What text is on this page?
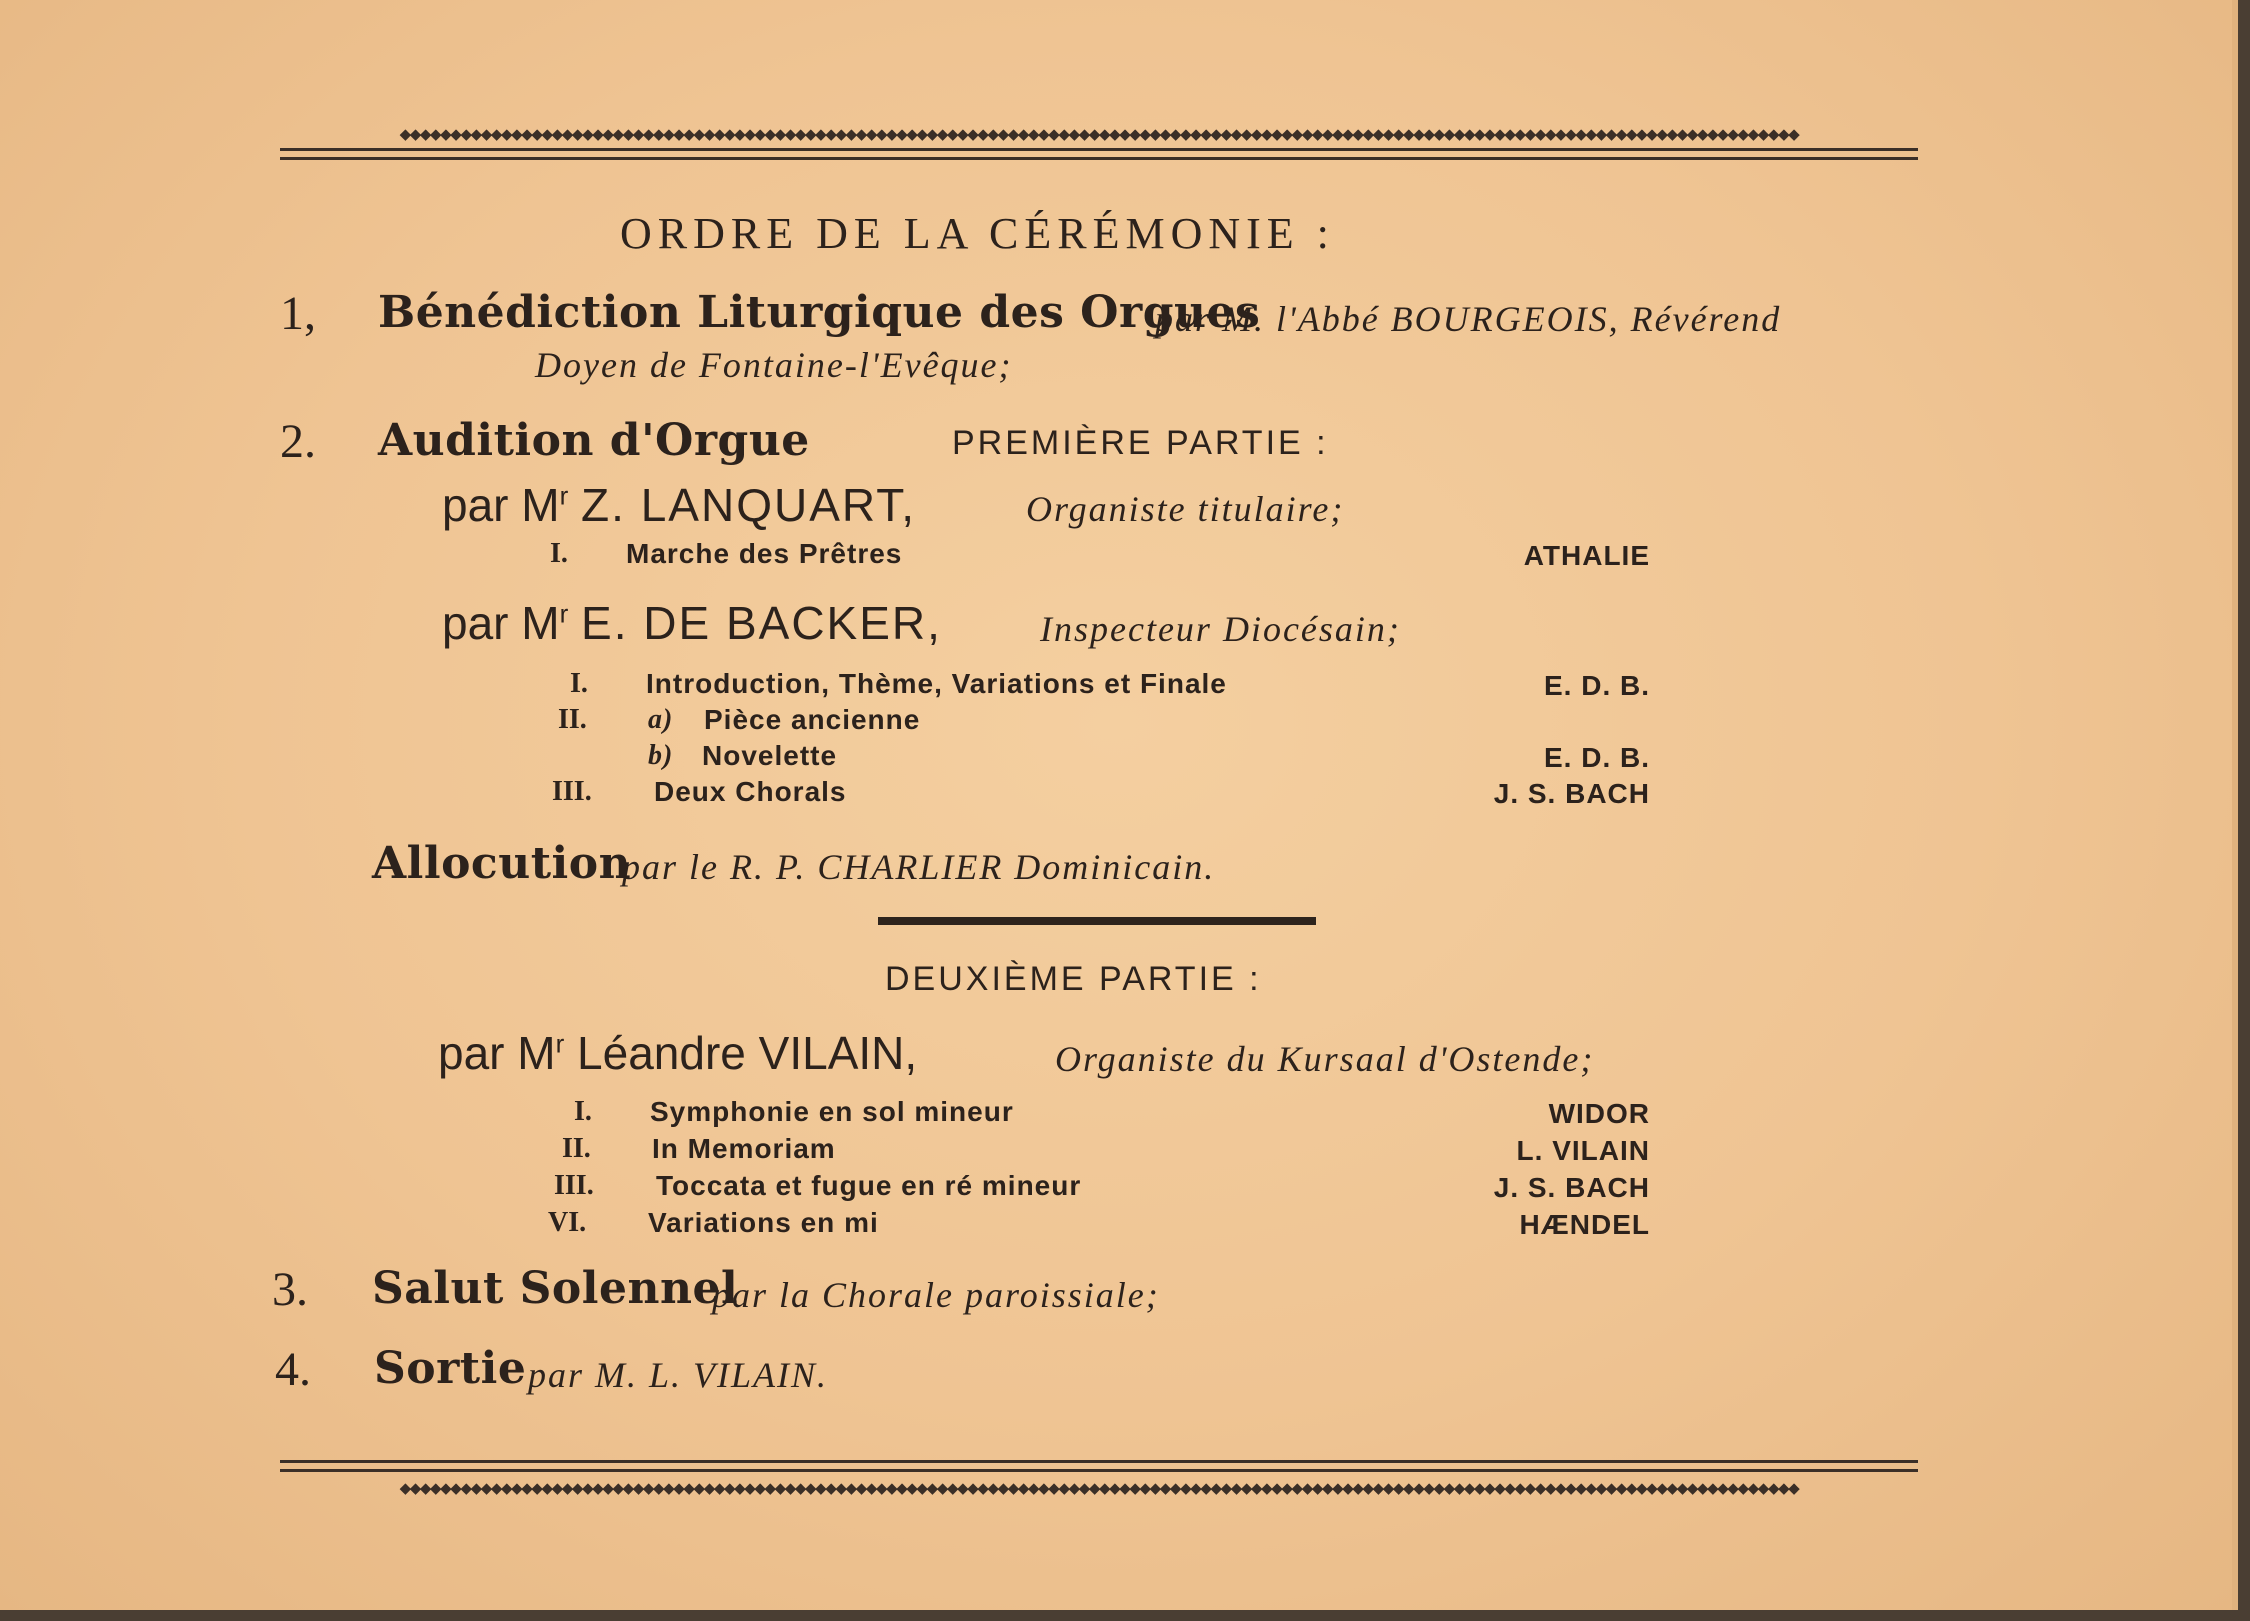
◆◆◆◆◆◆◆◆◆◆◆◆◆◆◆◆◆◆◆◆◆◆◆◆◆◆◆◆◆◆◆◆◆◆◆◆◆◆◆◆◆◆◆◆◆◆◆◆◆◆◆◆◆◆◆◆◆◆◆◆◆◆◆◆◆◆◆◆◆◆◆◆◆◆◆◆◆◆◆◆◆◆◆◆◆◆◆◆◆◆◆◆◆◆◆◆◆◆◆◆◆◆◆◆◆◆◆◆◆◆◆◆◆◆◆◆◆◆◆◆◆◆◆◆◆◆◆◆◆◆◆◆◆◆◆◆◆◆
ORDRE DE LA CÉRÉMONIE :
1, Bénédiction Liturgique des Orgues
par M. l'Abbé BOURGEOIS, Révérend
Doyen de Fontaine-l'Evêque;
2. Audition d'Orgue	PREMIÈRE PARTIE :
par $M^r$ Z. LANQUART,	Organiste titulaire;
I. Marche des Prêtres	ATHALIE
par $M^r$ E. DE BACKER,	Inspecteur Diocésain;
I. Introduction, Thème, Variations et Finale	E. D. B.
II. a) Pièce ancienne
b) Novelette	E. D. B.
III. Deux Chorals	J. S. BACH
Allocution
par le R. P. CHARLIER Dominicain.
DEUXIÈME PARTIE :
par $M^r$ Léandre VILAIN,	Organiste du Kursaal d'Ostende;
I. Symphonie en sol mineur	WIDOR
II. In Memoriam	L. VILAIN
III. Toccata et fugue en ré mineur	J. S. BACH
VI. Variations en mi	HÆNDEL
3. Salut Solennel
par la Chorale paroissiale;
4. Sortie par M. L. VILAIN.
◆◆◆◆◆◆◆◆◆◆◆◆◆◆◆◆◆◆◆◆◆◆◆◆◆◆◆◆◆◆◆◆◆◆◆◆◆◆◆◆◆◆◆◆◆◆◆◆◆◆◆◆◆◆◆◆◆◆◆◆◆◆◆◆◆◆◆◆◆◆◆◆◆◆◆◆◆◆◆◆◆◆◆◆◆◆◆◆◆◆◆◆◆◆◆◆◆◆◆◆◆◆◆◆◆◆◆◆◆◆◆◆◆◆◆◆◆◆◆◆◆◆◆◆◆◆◆◆◆◆◆◆◆◆◆◆◆◆
